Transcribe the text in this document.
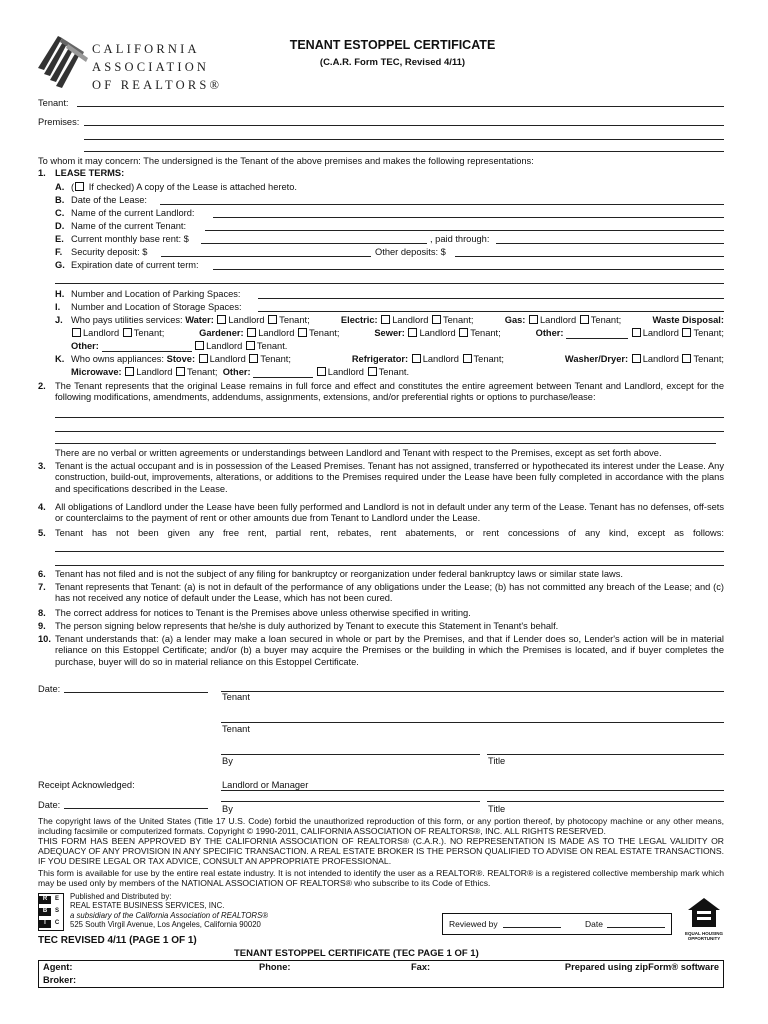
CALIFORNIA
ASSOCIATION
OF REALTORS®
TENANT ESTOPPEL CERTIFICATE
(C.A.R. Form TEC, Revised 4/11)
Tenant:
Premises:
To whom it may concern: The undersigned is the Tenant of the above premises and makes the following representations:
1. LEASE TERMS:
A. ( If checked) A copy of the Lease is attached hereto.
B. Date of the Lease:
C. Name of the current Landlord:
D. Name of the current Tenant:
E. Current monthly base rent: $	, paid through:
F. Security deposit: $	Other deposits: $
G. Expiration date of current term:
H. Number and Location of Parking Spaces:
I.	Number and Location of Storage Spaces:
J. Who pays utilities services: Water: Landlord Tenant;	Electric: Landlord Tenant;	Gas: Landlord Tenant;	Waste Disposal:
Landlord Tenant;	Gardener: Landlord Tenant;	Sewer: Landlord Tenant;	Other:	Landlord Tenant;
Other:	Landlord Tenant.
K. Who owns appliances: Stove: Landlord Tenant;	Refrigerator: Landlord Tenant;	Washer/Dryer: Landlord Tenant;
Microwave: Landlord Tenant; Other:	Landlord Tenant.
2. The Tenant represents that the original Lease remains in full force and effect and constitutes the entire agreement between Tenant and Landlord, except for the following modifications, amendments, addendums, assignments, extensions, and/or preferential rights or options to purchase/lease:
There are no verbal or written agreements or understandings between Landlord and Tenant with respect to the Premises, except as set forth above.
3. Tenant is the actual occupant and is in possession of the Leased Premises. Tenant has not assigned, transferred or hypothecated its interest under the Lease. Any construction, build-out, improvements, alterations, or additions to the Premises required under the Lease have been fully completed in accordance with the plans and specifications described in the Lease.
4. All obligations of Landlord under the Lease have been fully performed and Landlord is not in default under any term of the Lease. Tenant has no defenses, off-sets or counterclaims to the payment of rent or other amounts due from Tenant to Landlord under the Lease.
5. Tenant has not been given any free rent, partial rent, rebates, rent abatements, or rent concessions of any kind, except as follows:
6. Tenant has not filed and is not the subject of any filing for bankruptcy or reorganization under federal bankruptcy laws or similar state laws.
7. Tenant represents that Tenant: (a) is not in default of the performance of any obligations under the Lease; (b) has not committed any breach of the Lease; and (c) has not received any notice of default under the Lease, which has not been cured.
8. The correct address for notices to Tenant is the Premises above unless otherwise specified in writing.
9. The person signing below represents that he/she is duly authorized by Tenant to execute this Statement in Tenant's behalf.
10. Tenant understands that: (a) a lender may make a loan secured in whole or part by the Premises, and that if Lender does so, Lender's action will be in material reliance on this Estoppel Certificate; and/or (b) a buyer may acquire the Premises or the building in which the Premises is located, and if buyer completes the purchase, buyer will do so in material reliance on this Estoppel Certificate.
Date:
Tenant
Tenant
By	Title
Receipt Acknowledged:	Landlord or Manager
Date:	By	Title
The copyright laws of the United States (Title 17 U.S. Code) forbid the unauthorized reproduction of this form, or any portion thereof, by photocopy machine or any other means, including facsimile or computerized formats. Copyright © 1990-2011, CALIFORNIA ASSOCIATION OF REALTORS®, INC. ALL RIGHTS RESERVED.
THIS FORM HAS BEEN APPROVED BY THE CALIFORNIA ASSOCIATION OF REALTORS® (C.A.R.). NO REPRESENTATION IS MADE AS TO THE LEGAL VALIDITY OR ADEQUACY OF ANY PROVISION IN ANY SPECIFIC TRANSACTION. A REAL ESTATE BROKER IS THE PERSON QUALIFIED TO ADVISE ON REAL ESTATE TRANSACTIONS. IF YOU DESIRE LEGAL OR TAX ADVICE, CONSULT AN APPROPRIATE PROFESSIONAL.
This form is available for use by the entire real estate industry. It is not intended to identify the user as a REALTOR®. REALTOR® is a registered collective membership mark which may be used only by members of the NATIONAL ASSOCIATION OF REALTORS® who subscribe to its Code of Ethics.
R	E
B	S
I	C
Published and Distributed by:
REAL ESTATE BUSINESS SERVICES, INC.
a subsidiary of the California Association of REALTORS®
525 South Virgil Avenue, Los Angeles, California 90020	Reviewed by	Date
EQUAL HOUSING OPPORTUNITY
TEC REVISED 4/11 (PAGE 1 OF 1)
TENANT ESTOPPEL CERTIFICATE (TEC PAGE 1 OF 1)
Agent:	Phone:	Fax:	Prepared using zipForm® software
Broker:
